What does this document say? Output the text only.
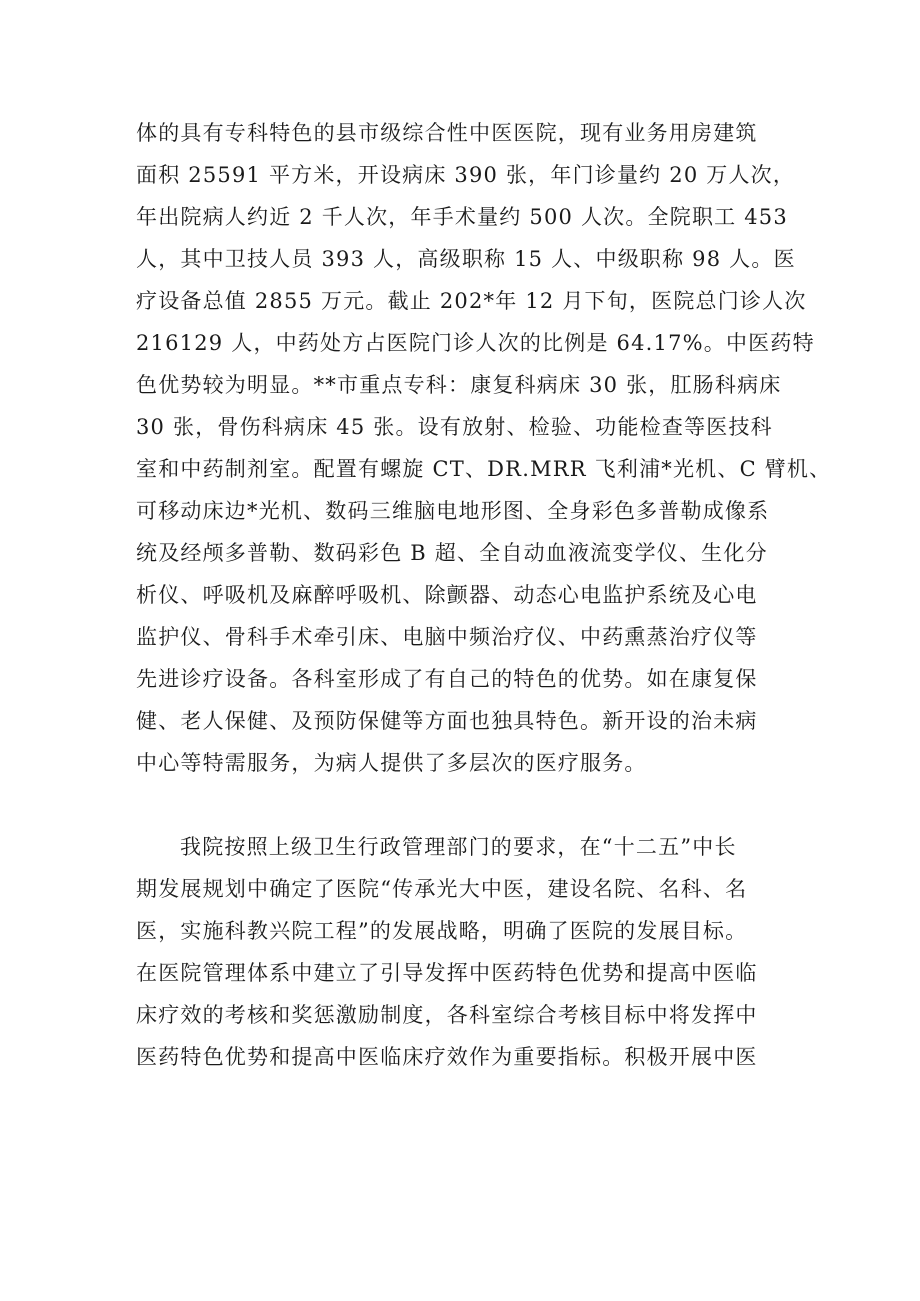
体的具有专科特色的县市级综合性中医医院，现有业务用房建筑
面积 25591 平方米，开设病床 390 张，年门诊量约 20 万人次，
年出院病人约近 2 千人次，年手术量约 500 人次。全院职工 453
人，其中卫技人员 393 人，高级职称 15 人、中级职称 98 人。医
疗设备总值 2855 万元。截止 202*年 12 月下旬，医院总门诊人次
216129 人，中药处方占医院门诊人次的比例是 64.17%。中医药特
色优势较为明显。**市重点专科：康复科病床 30 张，肛肠科病床
30 张，骨伤科病床 45 张。设有放射、检验、功能检查等医技科
室和中药制剂室。配置有螺旋 CT、DR.MRR 飞利浦*光机、C 臂机、
可移动床边*光机、数码三维脑电地形图、全身彩色多普勒成像系
统及经颅多普勒、数码彩色 B 超、全自动血液流变学仪、生化分
析仪、呼吸机及麻醉呼吸机、除颤器、动态心电监护系统及心电
监护仪、骨科手术牵引床、电脑中频治疗仪、中药熏蒸治疗仪等
先进诊疗设备。各科室形成了有自己的特色的优势。如在康复保
健、老人保健、及预防保健等方面也独具特色。新开设的治未病
中心等特需服务，为病人提供了多层次的医疗服务。
我院按照上级卫生行政管理部门的要求，在“十二五”中长
期发展规划中确定了医院“传承光大中医，建设名院、名科、名
医，实施科教兴院工程”的发展战略，明确了医院的发展目标。
在医院管理体系中建立了引导发挥中医药特色优势和提高中医临
床疗效的考核和奖惩激励制度，各科室综合考核目标中将发挥中
医药特色优势和提高中医临床疗效作为重要指标。积极开展中医
